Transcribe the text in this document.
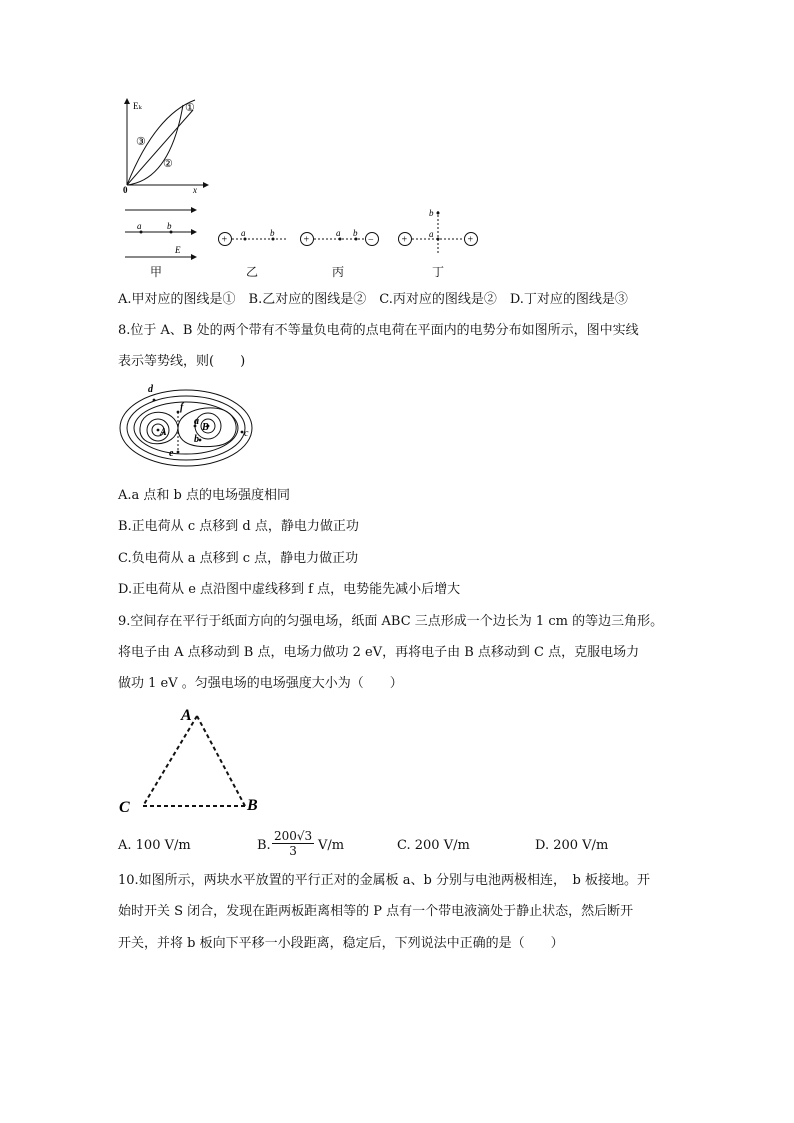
Eₖ
x
0
①
②
③
a	b
E
甲
+
a	b
乙
+	−
a b
丙
+	+
a
b
丁
A.甲对应的图线是①　B.乙对应的图线是②　C.丙对应的图线是②　D.丁对应的图线是③
8.位于 A、B 处的两个带有不等量负电荷的点电荷在平面内的电势分布如图所示，图中实线
表示等势线，则(　　)
A	B
a
b
c
d
e
f
A.a 点和 b 点的电场强度相同
B.正电荷从 c 点移到 d 点，静电力做正功
C.负电荷从 a 点移到 c 点，静电力做正功
D.正电荷从 e 点沿图中虚线移到 f 点，电势能先减小后增大
9.空间存在平行于纸面方向的匀强电场，纸面 ABC 三点形成一个边长为 1 cm 的等边三角形。
将电子由 A 点移动到 B 点，电场力做功 2 eV，再将电子由 B 点移动到 C 点，克服电场力
做功 1 eV 。匀强电场的电场强度大小为（　　）
A
B
C
A. 100 V/m	B. $\frac{200√3}{3} V/m$	C. 200 V/m	D. 200 V/m
10.如图所示，两块水平放置的平行正对的金属板 a、b 分别与电池两极相连，　b 板接地。开
始时开关 S 闭合，发现在距两板距离相等的 P 点有一个带电液滴处于静止状态，然后断开
开关，并将 b 板向下平移一小段距离，稳定后，下列说法中正确的是（　　）
